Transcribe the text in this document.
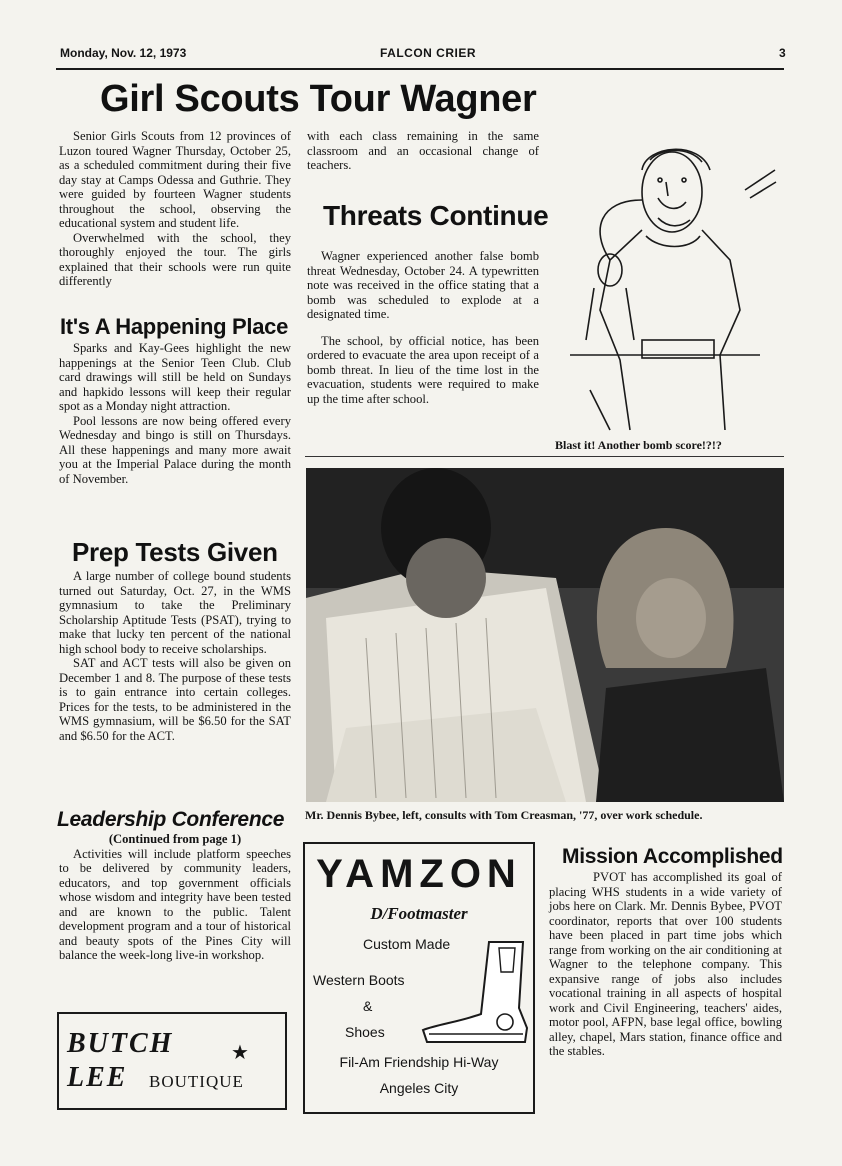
Monday, Nov. 12, 1973	FALCON CRIER	3
Girl Scouts Tour Wagner

Senior Girls Scouts from 12 provinces of Luzon toured Wagner Thursday, October 25, as a scheduled commitment during their five day stay at Camps Odessa and Guthrie. They were guided by fourteen Wagner students throughout the school, observing the educational system and student life.

Overwhelmed with the school, they thoroughly enjoyed the tour. The girls explained that their schools were run quite differently

It's A Happening Place

Sparks and Kay-Gees highlight the new happenings at the Senior Teen Club. Club card drawings will still be held on Sundays and hapkido lessons will keep their regular spot as a Monday night attraction.

Pool lessons are now being offered every Wednesday and bingo is still on Thursdays. All these happenings and many more await you at the Imperial Palace during the month of November.

Prep Tests Given

A large number of college bound students turned out Saturday, Oct. 27, in the WMS gymnasium to take the Preliminary Scholarship Aptitude Tests (PSAT), trying to make that lucky ten percent of the national high school body to receive scholarships.

SAT and ACT tests will also be given on December 1 and 8. The purpose of these tests is to gain entrance into certain colleges. Prices for the tests, to be administered in the WMS gymnasium, will be $6.50 for the SAT and $6.50 for the ACT.

Leadership Conference
(Continued from page 1)

Activities will include platform speeches to be delivered by community leaders, educators, and top government officials whose wisdom and integrity have been tested and are known to the public. Talent development program and a tour of historical and beauty spots of the Pines City will balance the week-long live-in workshop.

BUTCH
LEE
★
BOUTIQUE
with each class remaining in the same classroom and an occasional change of teachers.
Threats Continue

Wagner experienced another false bomb threat Wednesday, October 24. A typewritten note was received in the office stating that a bomb was scheduled to explode at a designated time.

The school, by official notice, has been ordered to evacuate the area upon receipt of a bomb threat. In lieu of the time lost in the evacuation, students were required to make up the time after school.

Blast it! Another bomb score!?!?
Mr. Dennis Bybee, left, consults with Tom Creasman, '77, over work schedule.
YAMZON
D/Footmaster
Custom Made
Western Boots
&
Shoes
Fil-Am Friendship Hi-Way
Angeles City
Mission Accomplished

PVOT has accomplished its goal of placing WHS students in a wide variety of jobs here on Clark. Mr. Dennis Bybee, PVOT coordinator, reports that over 100 students have been placed in part time jobs which range from working on the air conditioning at Wagner to the telephone company. This expansive range of jobs also includes vocational training in all aspects of hospital work and Civil Engineering, teachers' aides, motor pool, AFPN, base legal office, bowling alley, chapel, Mars station, finance office and the stables.
